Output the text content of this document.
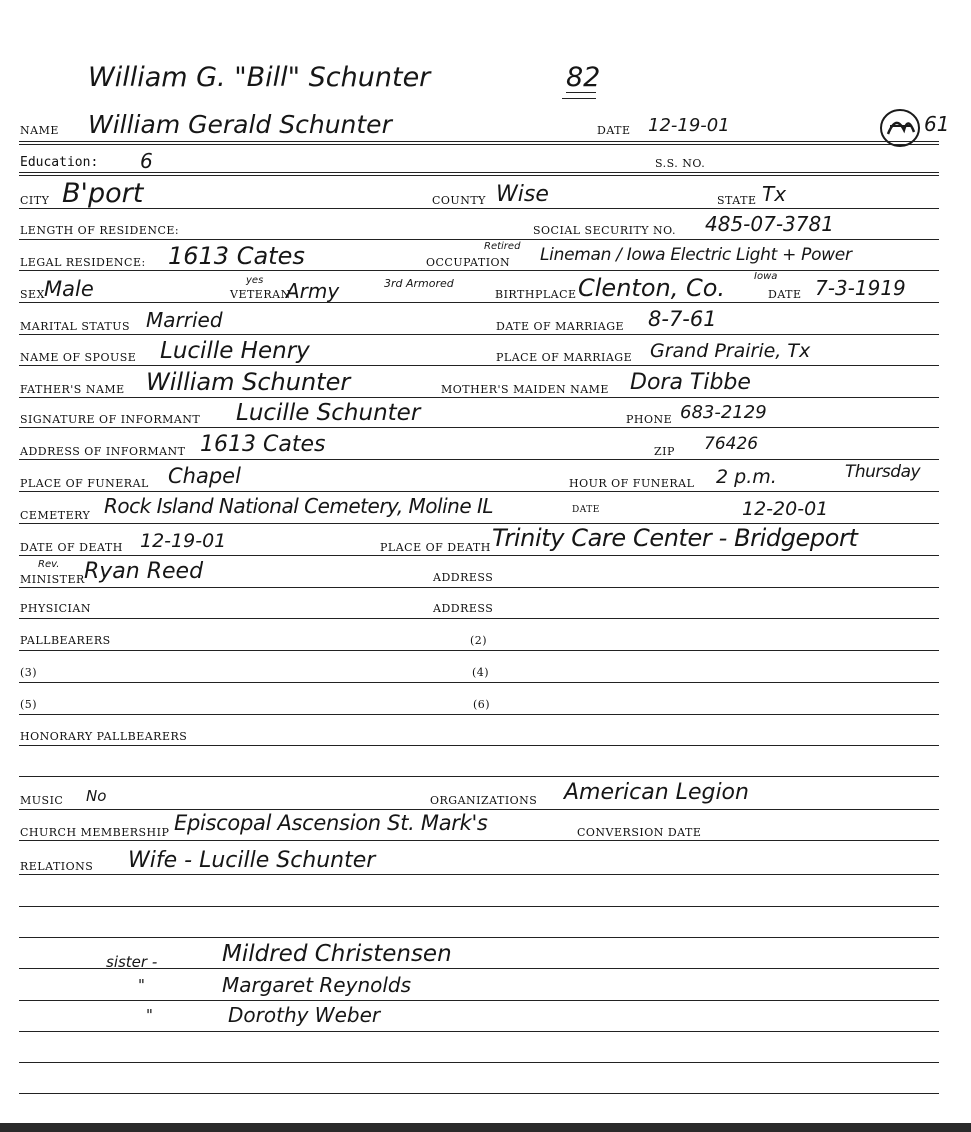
William G. "Bill" Schunter	82
61
NAME William Gerald Schunter	DATE 12-19-01
Education: 6	S.S. NO.
CITY B'port	COUNTY Wise	STATE Tx
LENGTH OF RESIDENCE:	SOCIAL SECURITY NO. 485-07-3781
LEGAL RESIDENCE: 1613 Cates	OCCUPATION
Retired Lineman / Iowa Electric Light + Power
SEX Male	VETERAN
yes Army	3rd Armored
BIRTHPLACE Clenton, Co.	Iowa
DATE 7-3-1919
MARITAL STATUS Married	DATE OF MARRIAGE 8-7-61
NAME OF SPOUSE Lucille Henry	PLACE OF MARRIAGE Grand Prairie, Tx
FATHER'S NAME William Schunter	MOTHER'S MAIDEN NAME Dora Tibbe
SIGNATURE OF INFORMANT Lucille Schunter	PHONE 683-2129
ADDRESS OF INFORMANT 1613 Cates	ZIP 76426
PLACE OF FUNERAL Chapel	HOUR OF FUNERAL 2 p.m.	Thursday
CEMETERY Rock Island National Cemetery, Moline IL	DATE	12-20-01
DATE OF DEATH 12-19-01	PLACE OF DEATH Trinity Care Center - Bridgeport
Rev.
MINISTER Ryan Reed	ADDRESS
PHYSICIAN	ADDRESS
PALLBEARERS	(2)
(3)	(4)
(5)	(6)
HONORARY PALLBEARERS
MUSIC No	ORGANIZATIONS American Legion
CHURCH MEMBERSHIP Episcopal Ascension St. Mark's	CONVERSION DATE
RELATIONS Wife - Lucille Schunter
sister -	Mildred Christensen
"	Margaret Reynolds
"	Dorothy Weber
